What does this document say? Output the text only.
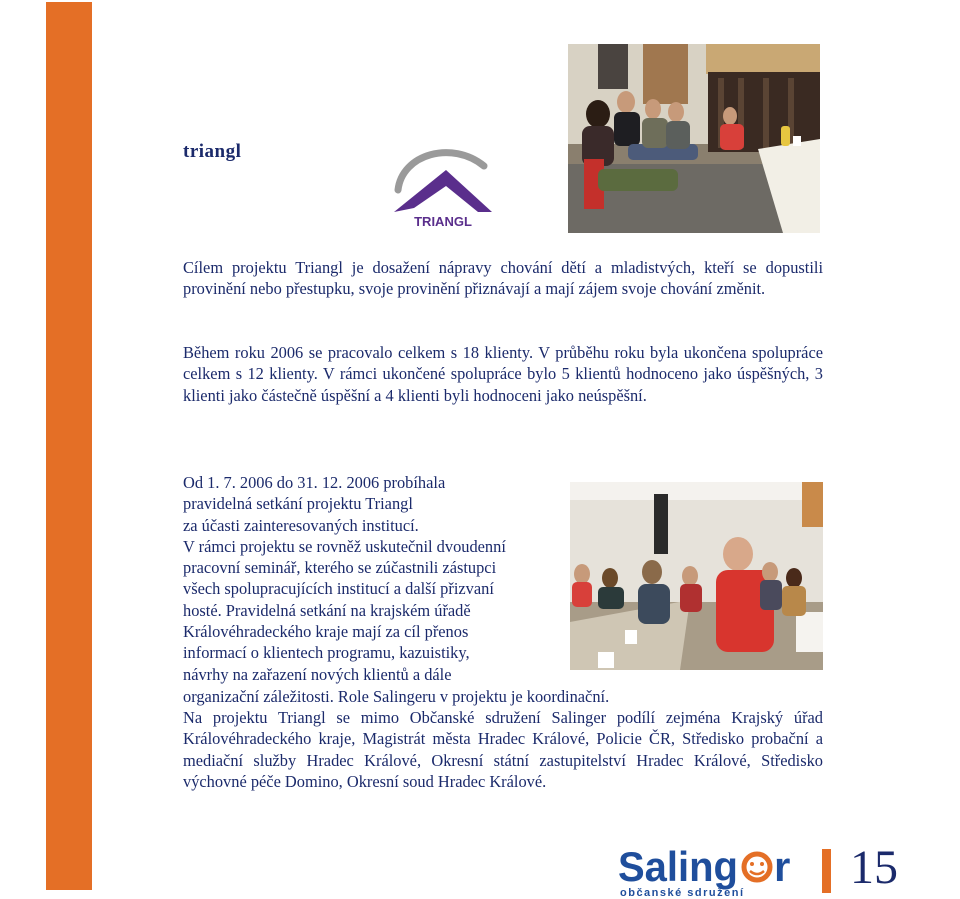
triangl
TRIANGL
Cílem projektu Triangl je dosažení nápravy chování dětí a mladistvých, kteří se dopustili provinění nebo přestupku, svoje provinění přiznávají a mají zájem svoje chování změnit.
Během roku 2006 se pracovalo celkem s 18 klienty. V průběhu roku byla ukončena spolupráce celkem s 12 klienty. V rámci ukončené spolupráce bylo 5 klientů hodnoceno jako úspěšných, 3 klienti jako částečně úspěšní a 4 klienti byli hodnoceni jako neúspěšní.

Od 1. 7. 2006 do 31. 12. 2006 probíhala

pravidelná setkání projektu Triangl

za účasti zainteresovaných institucí.

V rámci projektu se rovněž uskutečnil dvoudenní

pracovní seminář, kterého se zúčastnili zástupci

všech spolupracujících institucí a další přizvaní

hosté. Pravidelná setkání na krajském úřadě

Královéhradeckého kraje mají za cíl přenos

informací o klientech programu, kazuistiky,

návrhy na zařazení nových klientů a dále

organizační záležitosti. Role Salingeru v projektu je koordinační.
Na projektu Triangl se mimo Občanské sdružení Salinger podílí zejména Krajský úřad Královéhradeckého kraje, Magistrát města Hradec Králové, Policie ČR, Středisko probační a mediační služby Hradec Králové, Okresní státní zastupitelství Hradec Králové, Středisko výchovné péče Domino, Okresní soud Hradec Králové.
Saling r
občanské sdružení 15
